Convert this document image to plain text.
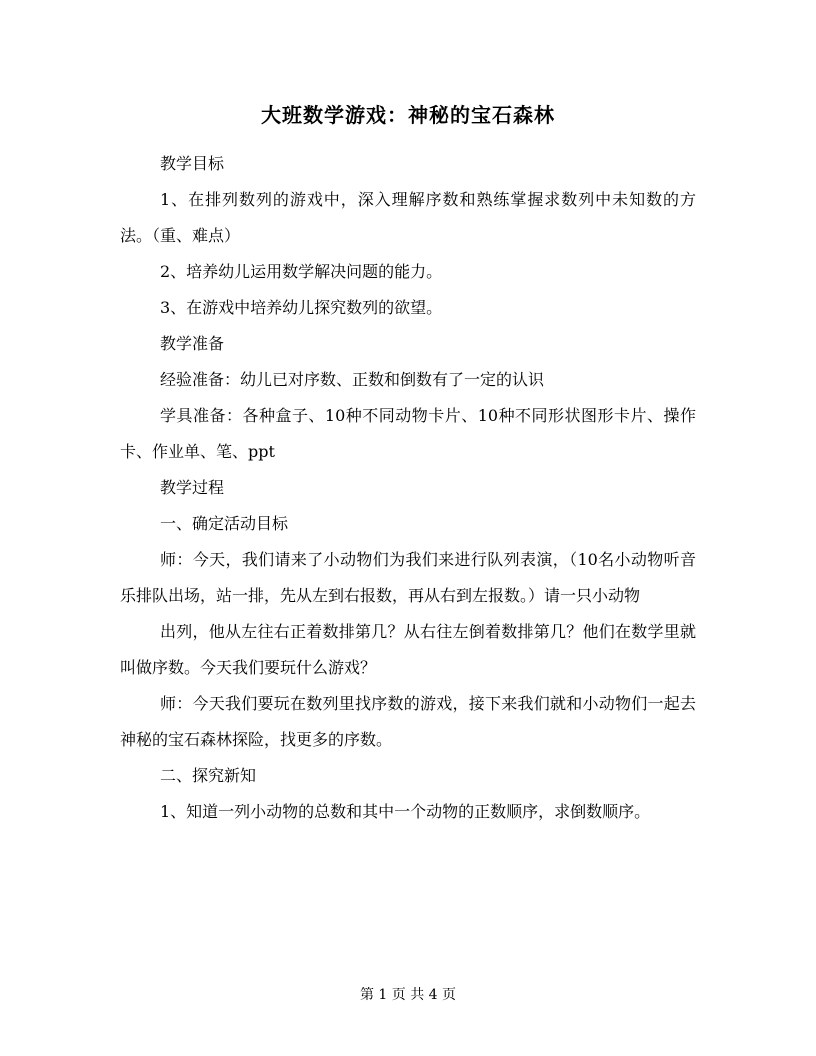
大班数学游戏：神秘的宝石森林

教学目标

1、在排列数列的游戏中，深入理解序数和熟练掌握求数列中未知数的方法。（重、难点）

2、培养幼儿运用数学解决问题的能力。

3、在游戏中培养幼儿探究数列的欲望。

教学准备

经验准备：幼儿已对序数、正数和倒数有了一定的认识

学具准备：各种盒子、10种不同动物卡片、10种不同形状图形卡片、操作卡、作业单、笔、ppt

教学过程

一、确定活动目标

师：今天，我们请来了小动物们为我们来进行队列表演，（10名小动物听音乐排队出场，站一排，先从左到右报数，再从右到左报数。）请一只小动物

出列，他从左往右正着数排第几？从右往左倒着数排第几？他们在数学里就叫做序数。今天我们要玩什么游戏？

师：今天我们要玩在数列里找序数的游戏，接下来我们就和小动物们一起去神秘的宝石森林探险，找更多的序数。

二、探究新知

1、知道一列小动物的总数和其中一个动物的正数顺序，求倒数顺序。

第 1 页 共 4 页
